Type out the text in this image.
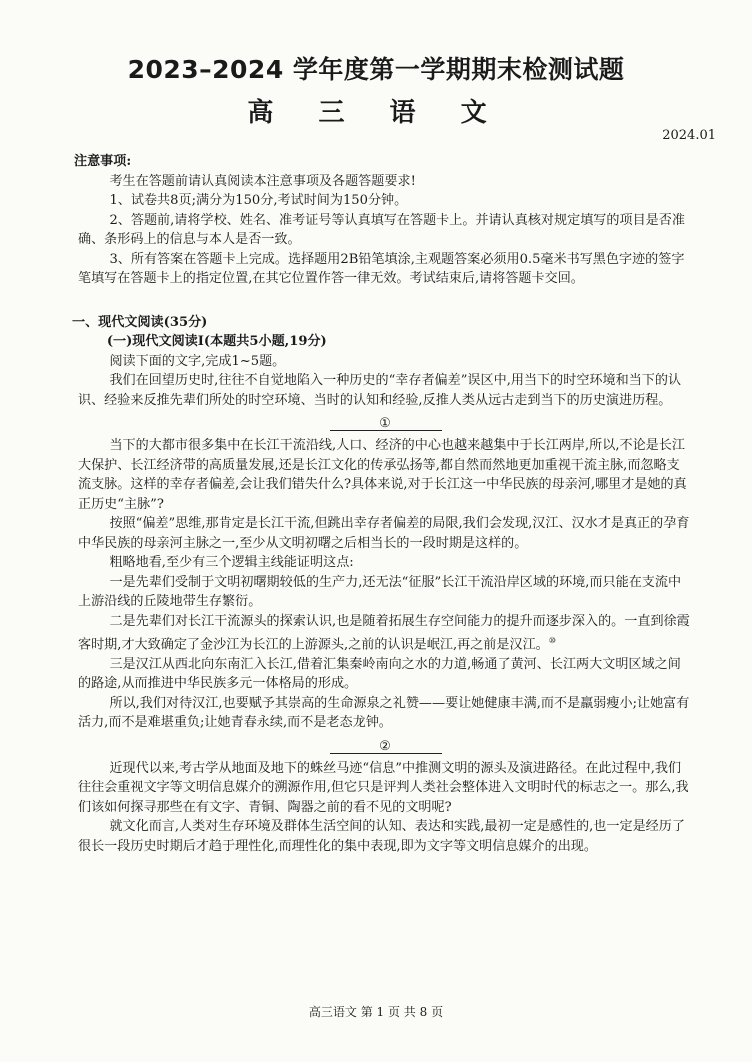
2023–2024 学年度第一学期期末检测试题
高 三 语 文
2024.01

注意事项:

考生在答题前请认真阅读本注意事项及各题答题要求!

1、试卷共8页;满分为150分,考试时间为150分钟。

2、答题前,请将学校、姓名、准考证号等认真填写在答题卡上。并请认真核对规定填写的项目是否准确、条形码上的信息与本人是否一致。

3、所有答案在答题卡上完成。选择题用2B铅笔填涂,主观题答案必须用0.5毫米书写黑色字迹的签字笔填写在答题卡上的指定位置,在其它位置作答一律无效。考试结束后,请将答题卡交回。

一、现代文阅读(35分)

(一)现代文阅读Ⅰ(本题共5小题,19分)

阅读下面的文字,完成1~5题。

我们在回望历史时,往往不自觉地陷入一种历史的“幸存者偏差”误区中,用当下的时空环境和当下的认识、经验来反推先辈们所处的时空环境、当时的认知和经验,反推人类从远古走到当下的历史演进历程。

①

当下的大都市很多集中在长江干流沿线,人口、经济的中心也越来越集中于长江两岸,所以,不论是长江大保护、长江经济带的高质量发展,还是长江文化的传承弘扬等,都自然而然地更加重视干流主脉,而忽略支流支脉。这样的幸存者偏差,会让我们错失什么?具体来说,对于长江这一中华民族的母亲河,哪里才是她的真正历史“主脉”?

按照“偏差”思维,那肯定是长江干流,但跳出幸存者偏差的局限,我们会发现,汉江、汉水才是真正的孕育中华民族的母亲河主脉之一,至少从文明初曙之后相当长的一段时期是这样的。

粗略地看,至少有三个逻辑主线能证明这点:

一是先辈们受制于文明初曙期较低的生产力,还无法“征服”长江干流沿岸区域的环境,而只能在支流中上游沿线的丘陵地带生存繁衍。

二是先辈们对长江干流源头的探索认识,也是随着拓展生存空间能力的提升而逐步深入的。一直到徐霞客时期,才大致确定了金沙江为长江的上游源头,之前的认识是岷江,再之前是汉江。⑩

三是汉江从西北向东南汇入长江,借着汇集秦岭南向之水的力道,畅通了黄河、长江两大文明区域之间的路途,从而推进中华民族多元一体格局的形成。

所以,我们对待汉江,也要赋予其崇高的生命源泉之礼赞——要让她健康丰满,而不是羸弱瘦小;让她富有活力,而不是难堪重负;让她青春永续,而不是老态龙钟。

②

近现代以来,考古学从地面及地下的蛛丝马迹“信息”中推测文明的源头及演进路径。在此过程中,我们往往会重视文字等文明信息媒介的溯源作用,但它只是评判人类社会整体进入文明时代的标志之一。那么,我们该如何探寻那些在有文字、青铜、陶器之前的看不见的文明呢?

就文化而言,人类对生存环境及群体生活空间的认知、表达和实践,最初一定是感性的,也一定是经历了很长一段历史时期后才趋于理性化,而理性化的集中表现,即为文字等文明信息媒介的出现。

高三语文 第 1 页 共 8 页
